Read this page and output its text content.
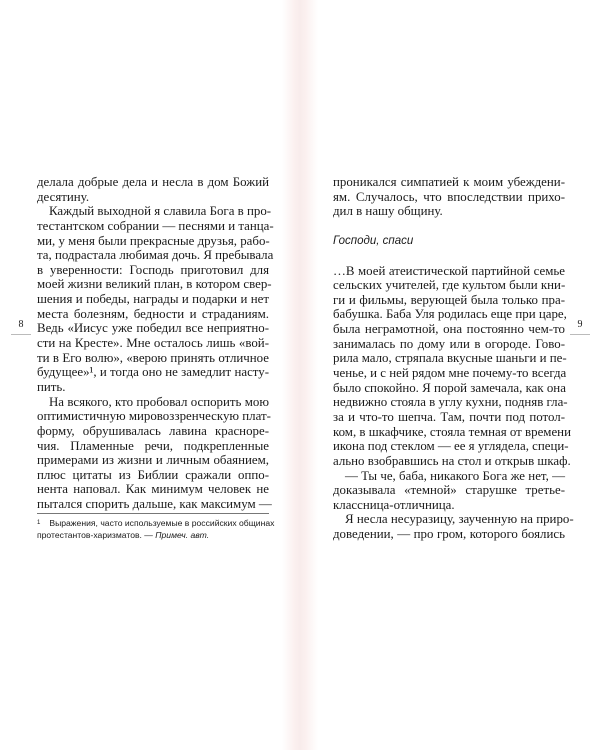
8	9
делала добрые дела и несла в дом Божий
десятину.
Каждый выходной я славила Бога в про-
тестантском собрании — песнями и танца-
ми, у меня были прекрасные друзья, рабо-
та, подрастала любимая дочь. Я пребывала
в уверенности: Господь приготовил для
моей жизни великий план, в котором свер-
шения и победы, награды и подарки и нет
места болезням, бедности и страданиям.
Ведь «Иисус уже победил все неприятно-
сти на Кресте». Мне осталось лишь «вой-
ти в Его волю», «верою принять отличное
будущее»¹, и тогда оно не замедлит насту-
пить.
На всякого, кто пробовал оспорить мою
оптимистичную мировоззренческую плат-
форму, обрушивалась лавина красноре-
чия. Пламенные речи, подкрепленные
примерами из жизни и личным обаянием,
плюс цитаты из Библии сражали оппо-
нента наповал. Как минимум человек не
пытался спорить дальше, как максимум —
$^1$ Выражения, часто используемые в российских общинах
протестантов-харизматов. — Примеч. авт.
проникался симпатией к моим убеждени-
ям. Случалось, что впоследствии прихо-
дил в нашу общину.
Господи, спаси
…В моей атеистической партийной семье
сельских учителей, где культом были кни-
ги и фильмы, верующей была только пра-
бабушка. Баба Уля родилась еще при царе,
была неграмотной, она постоянно чем-то
занималась по дому или в огороде. Гово-
рила мало, стряпала вкусные шаньги и пе-
ченье, и с ней рядом мне почему-то всегда
было спокойно. Я порой замечала, как она
недвижно стояла в углу кухни, подняв гла-
за и что-то шепча. Там, почти под потол-
ком, в шкафчике, стояла темная от времени
икона под стеклом — ее я углядела, специ-
ально взобравшись на стол и открыв шкаф.
— Ты че, баба, никакого Бога же нет, —
доказывала «темной» старушке третье-
классница-отличница.
Я несла несуразицу, заученную на приро-
доведении, — про гром, которого боялись
